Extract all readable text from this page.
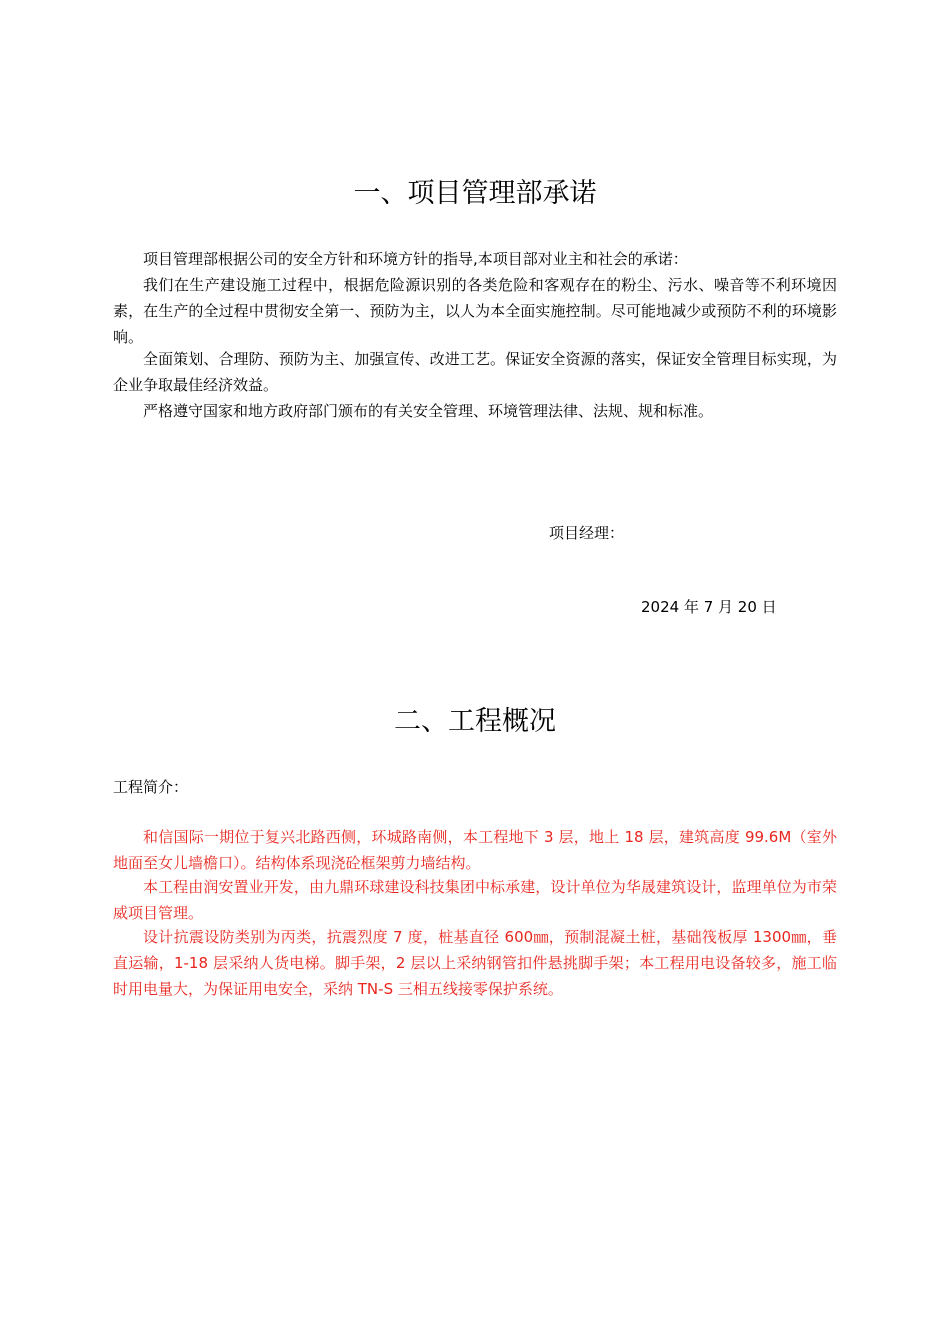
一、项目管理部承诺

项目管理部根据公司的安全方针和环境方针的指导,本项目部对业主和社会的承诺：

我们在生产建设施工过程中，根据危险源识别的各类危险和客观存在的粉尘、污水、噪音等不利环境因素，在生产的全过程中贯彻安全第一、预防为主，以人为本全面实施控制。尽可能地减少或预防不利的环境影响。

全面策划、合理防、预防为主、加强宣传、改进工艺。保证安全资源的落实，保证安全管理目标实现，为企业争取最佳经济效益。

严格遵守国家和地方政府部门颁布的有关安全管理、环境管理法律、法规、规和标准。

项目经理：

2024 年 7 月 20 日

二、工程概况

工程简介：

和信国际一期位于复兴北路西侧，环城路南侧，本工程地下 3 层，地上 18 层，建筑高度 99.6M（室外地面至女儿墙檐口）。结构体系现浇砼框架剪力墙结构。

本工程由润安置业开发，由九鼎环球建设科技集团中标承建，设计单位为华晟建筑设计，监理单位为市荣威项目管理。

设计抗震设防类别为丙类，抗震烈度 7 度，桩基直径 600㎜，预制混凝土桩，基础筏板厚 1300㎜，垂直运输，1-18 层采纳人货电梯。脚手架，2 层以上采纳钢管扣件悬挑脚手架；本工程用电设备较多，施工临时用电量大，为保证用电安全，采纳 TN-S 三相五线接零保护系统。
